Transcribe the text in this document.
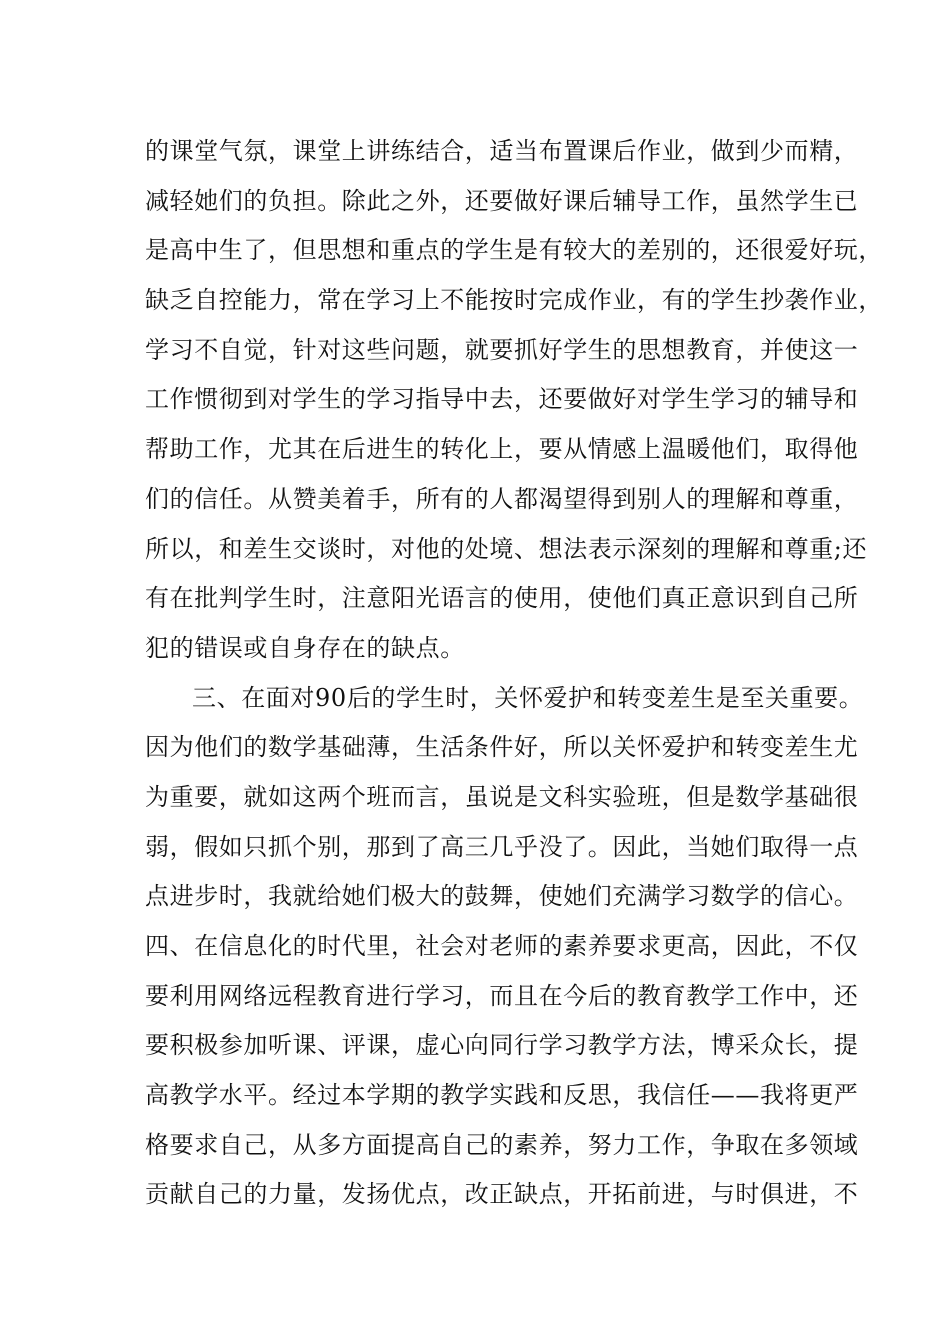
的课堂气氛，课堂上讲练结合，适当布置课后作业，做到少而精，
减轻她们的负担。除此之外，还要做好课后辅导工作，虽然学生已
是高中生了，但思想和重点的学生是有较大的差别的，还很爱好玩，
缺乏自控能力，常在学习上不能按时完成作业，有的学生抄袭作业，
学习不自觉，针对这些问题，就要抓好学生的思想教育，并使这一
工作惯彻到对学生的学习指导中去，还要做好对学生学习的辅导和
帮助工作，尤其在后进生的转化上，要从情感上温暖他们，取得他
们的信任。从赞美着手，所有的人都渴望得到别人的理解和尊重，
所以，和差生交谈时，对他的处境、想法表示深刻的理解和尊重;还
有在批判学生时，注意阳光语言的使用，使他们真正意识到自己所
犯的错误或自身存在的缺点。
三、在面对90后的学生时，关怀爱护和转变差生是至关重要。
因为他们的数学基础薄，生活条件好，所以关怀爱护和转变差生尤
为重要，就如这两个班而言，虽说是文科实验班，但是数学基础很
弱，假如只抓个别，那到了高三几乎没了。因此，当她们取得一点
点进步时，我就给她们极大的鼓舞，使她们充满学习数学的信心。
四、在信息化的时代里，社会对老师的素养要求更高，因此，不仅
要利用网络远程教育进行学习，而且在今后的教育教学工作中，还
要积极参加听课、评课，虚心向同行学习教学方法，博采众长，提
高教学水平。经过本学期的教学实践和反思，我信任——我将更严
格要求自己，从多方面提高自己的素养，努力工作，争取在多领域
贡献自己的力量，发扬优点，改正缺点，开拓前进，与时俱进，不
